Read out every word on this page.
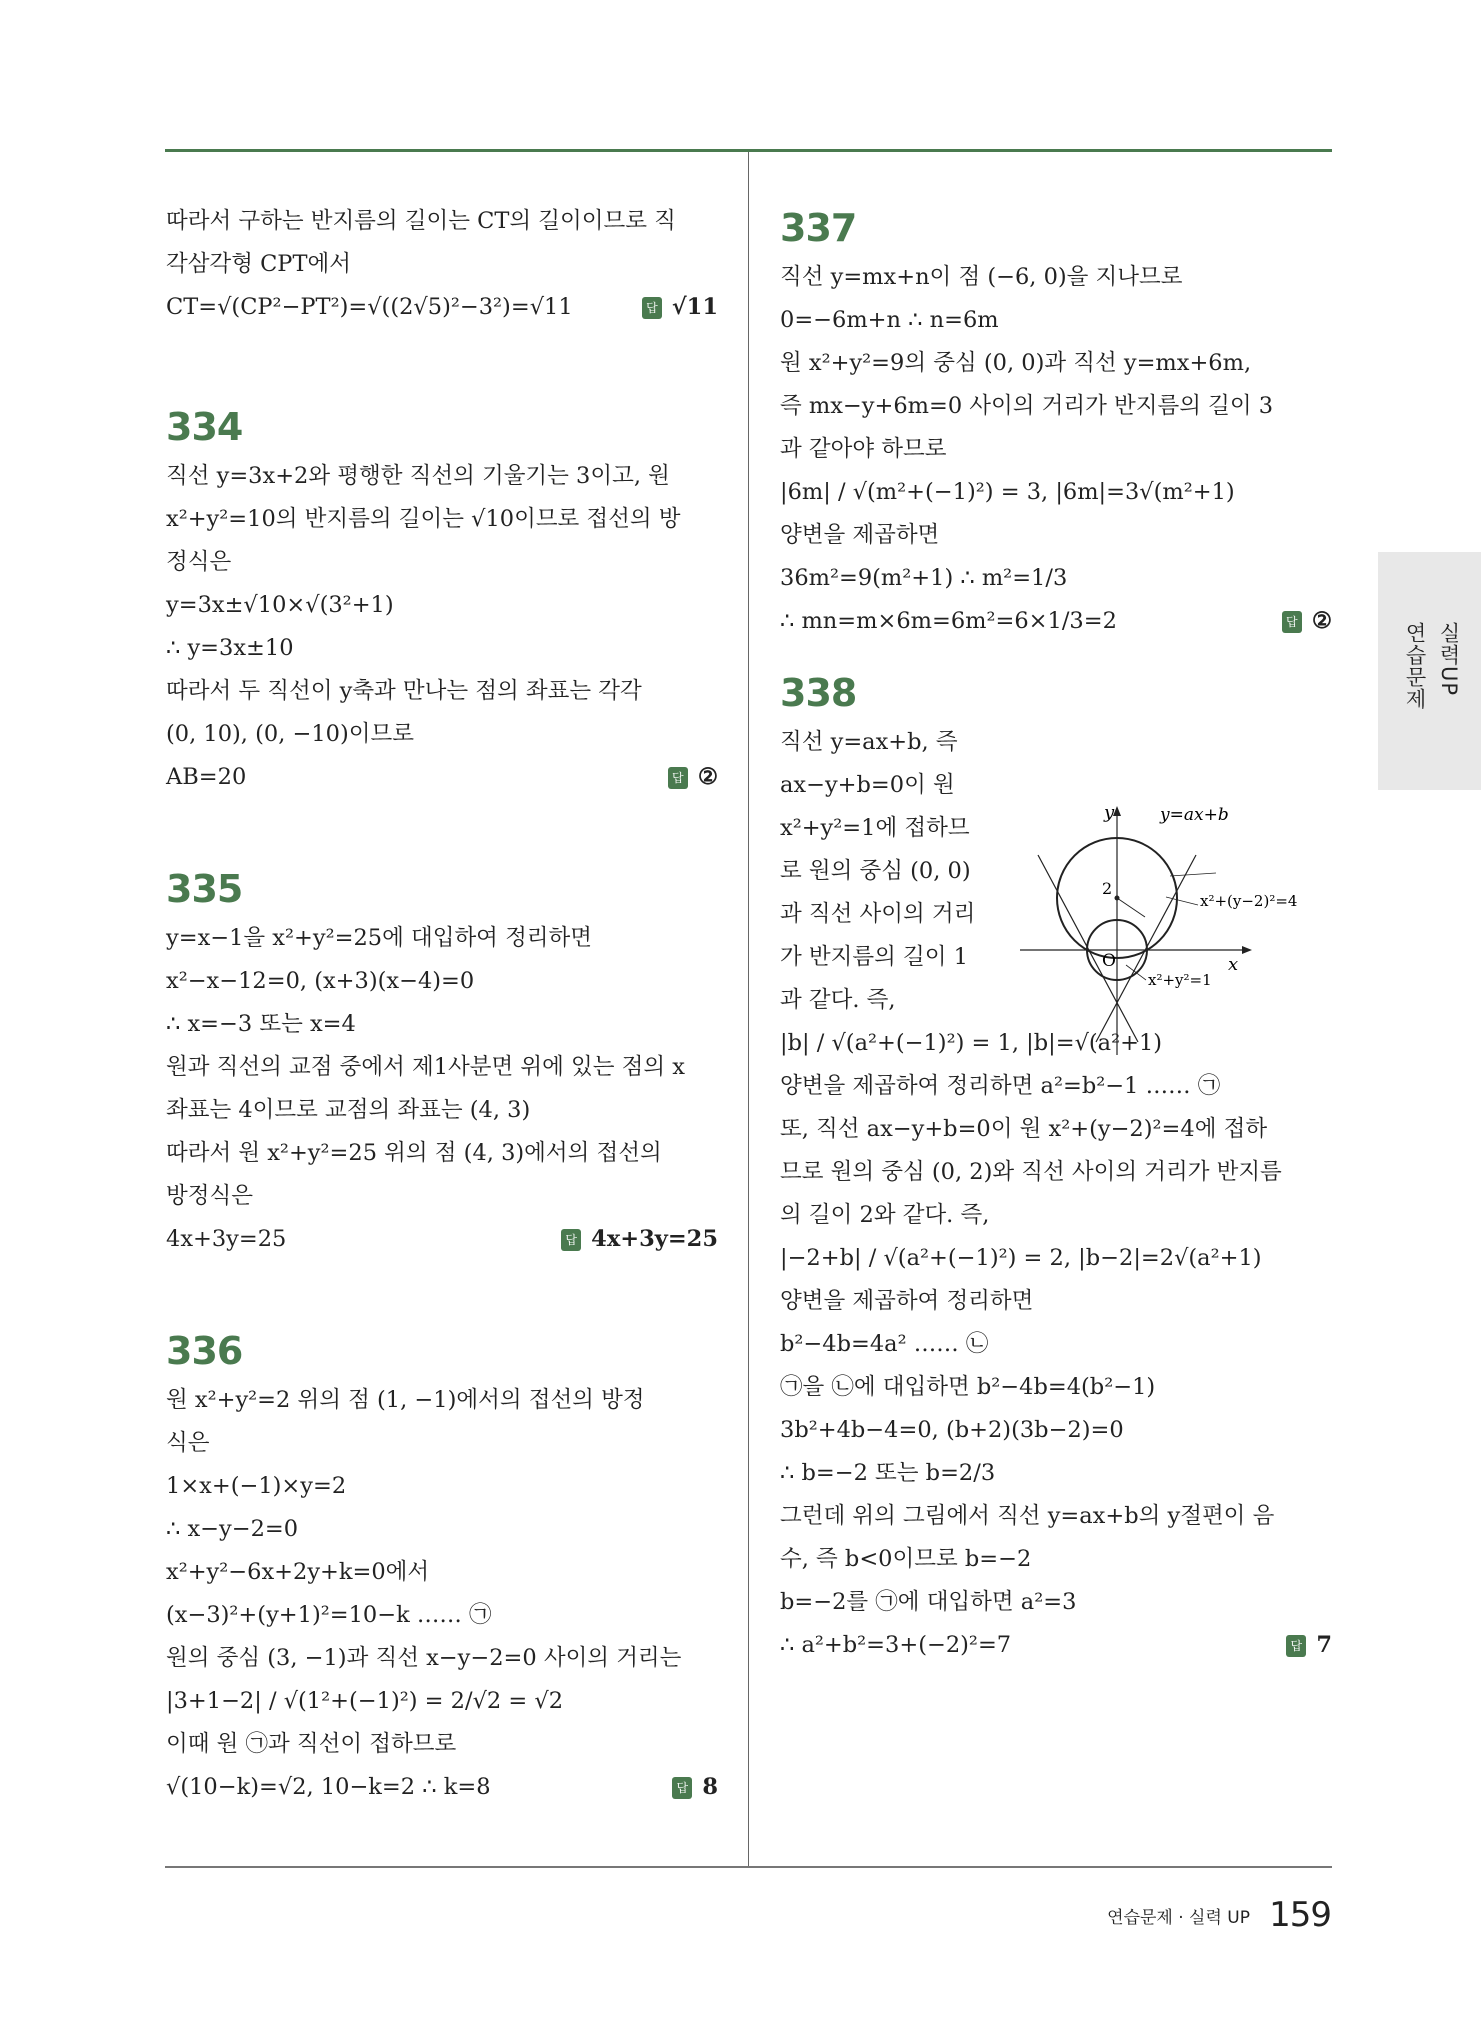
따라서 구하는 반지름의 길이는 CT의 길이이므로 직
각삼각형 CPT에서
CT=√(CP²−PT²)=√((2√5)²−3²)=√11	답 √11
334
직선 y=3x+2와 평행한 직선의 기울기는 3이고, 원
x²+y²=10의 반지름의 길이는 √10이므로 접선의 방
정식은
y=3x±√10×√(3²+1)
∴ y=3x±10
따라서 두 직선이 y축과 만나는 점의 좌표는 각각
(0, 10), (0, −10)이므로
AB=20	답 ②
335
y=x−1을 x²+y²=25에 대입하여 정리하면
x²−x−12=0, (x+3)(x−4)=0
∴ x=−3 또는 x=4
원과 직선의 교점 중에서 제1사분면 위에 있는 점의 x
좌표는 4이므로 교점의 좌표는 (4, 3)
따라서 원 x²+y²=25 위의 점 (4, 3)에서의 접선의
방정식은
4x+3y=25	답 4x+3y=25
336
원 x²+y²=2 위의 점 (1, −1)에서의 접선의 방정
식은
1×x+(−1)×y=2
∴ x−y−2=0
x²+y²−6x+2y+k=0에서
(x−3)²+(y+1)²=10−k …… ㉠
원의 중심 (3, −1)과 직선 x−y−2=0 사이의 거리는
|3+1−2| / √(1²+(−1)²) = 2/√2 = √2
이때 원 ㉠과 직선이 접하므로
√(10−k)=√2, 10−k=2 ∴ k=8	답 8
337
직선 y=mx+n이 점 (−6, 0)을 지나므로
0=−6m+n ∴ n=6m
원 x²+y²=9의 중심 (0, 0)과 직선 y=mx+6m,
즉 mx−y+6m=0 사이의 거리가 반지름의 길이 3
과 같아야 하므로
|6m| / √(m²+(−1)²) = 3, |6m|=3√(m²+1)
양변을 제곱하면
36m²=9(m²+1) ∴ m²=1/3
∴ mn=m×6m=6m²=6×1/3=2	답 ②
338
직선 y=ax+b, 즉
ax−y+b=0이 원
x²+y²=1에 접하므
로 원의 중심 (0, 0)
과 직선 사이의 거리
가 반지름의 길이 1
과 같다. 즉,
|b| / √(a²+(−1)²) = 1, |b|=√(a²+1)
양변을 제곱하여 정리하면 a²=b²−1 …… ㉠
또, 직선 ax−y+b=0이 원 x²+(y−2)²=4에 접하
므로 원의 중심 (0, 2)와 직선 사이의 거리가 반지름
의 길이 2와 같다. 즉,
|−2+b| / √(a²+(−1)²) = 2, |b−2|=2√(a²+1)
양변을 제곱하여 정리하면
b²−4b=4a² …… ㉡
㉠을 ㉡에 대입하면 b²−4b=4(b²−1)
3b²+4b−4=0, (b+2)(3b−2)=0
∴ b=−2 또는 b=2/3
그런데 위의 그림에서 직선 y=ax+b의 y절편이 음
수, 즉 b<0이므로 b=−2
b=−2를 ㉠에 대입하면 a²=3
∴ a²+b²=3+(−2)²=7	답 7
y
x
O
2
y=ax+b
x²+(y−2)²=4
x²+y²=1
실력UP
연습문제
연습문제 · 실력 UP 159
